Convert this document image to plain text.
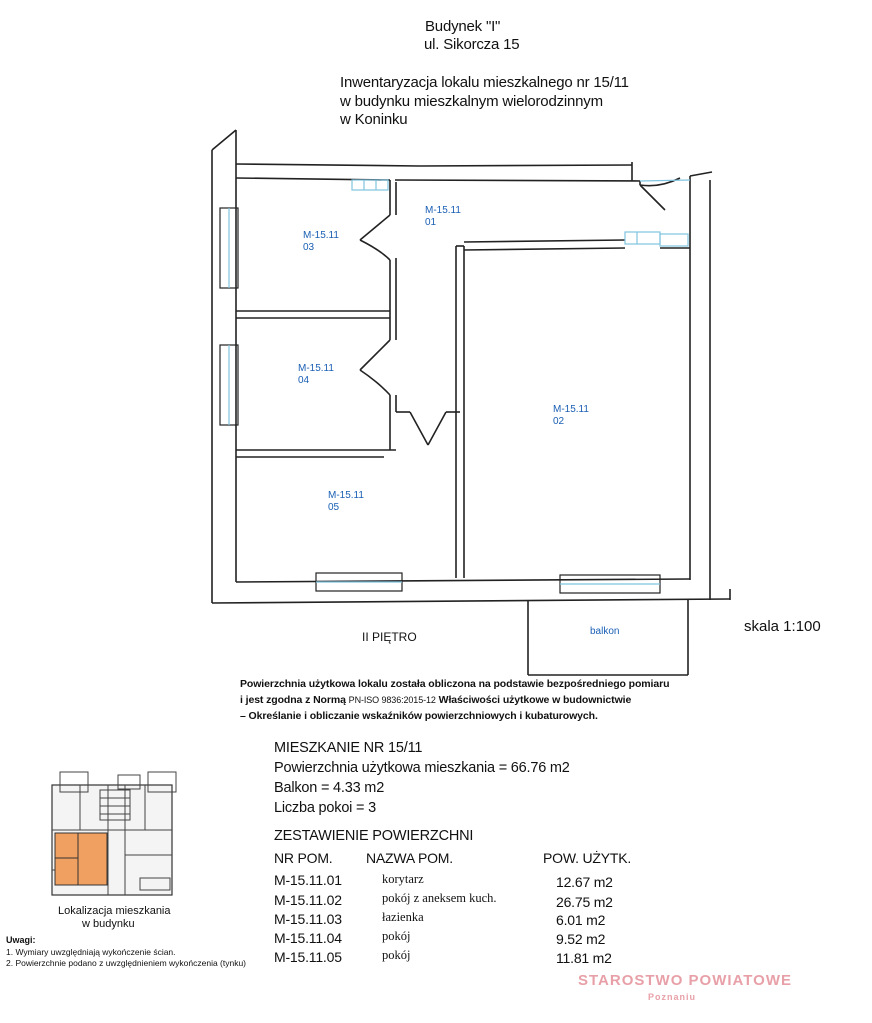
Budynek "I"
ul. Sikorcza 15
Inwentaryzacja lokalu mieszkalnego nr 15/11
w budynku mieszkalnym wielorodzinnym
w Koninku
M-15.11
01
M-15.11
02
M-15.11
03
M-15.11
04
M-15.11
05
balkon
II PIĘTRO
skala 1:100
Powierzchnia użytkowa lokalu została obliczona na podstawie bezpośredniego pomiaru
i jest zgodna z Normą PN-ISO 9836:2015-12 Właściwości użytkowe w budownictwie
– Określanie i obliczanie wskaźników powierzchniowych i kubaturowych.
MIESZKANIE NR 15/11
Powierzchnia użytkowa mieszkania = 66.76 m2
Balkon = 4.33 m2
Liczba pokoi = 3
ZESTAWIENIE POWIERZCHNI
NR POM. NAZWA POM.	POW. UŻYTK.
M-15.11.01	korytarz	12.67 m2
M-15.11.02	pokój z aneksem kuch.	26.75 m2
M-15.11.03	łazienka	6.01 m2
M-15.11.04	pokój	9.52 m2
M-15.11.05	pokój	11.81 m2
Lokalizacja mieszkania
w budynku
Uwagi:
1. Wymiary uwzględniają wykończenie ścian.
2. Powierzchnie podano z uwzględnieniem wykończenia (tynku)
STAROSTWO POWIATOWE
Poznaniu
